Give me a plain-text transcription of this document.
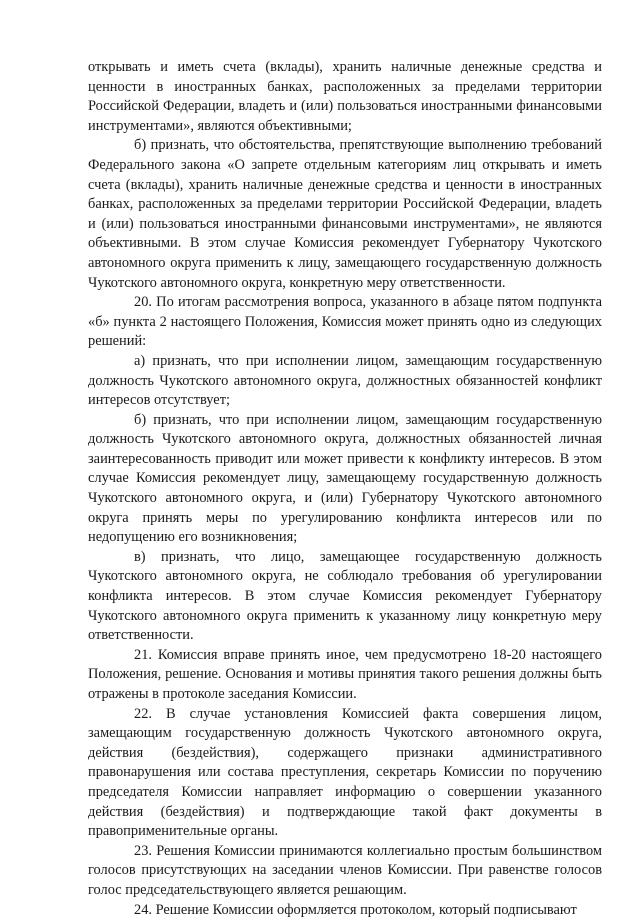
открывать и иметь счета (вклады), хранить наличные денежные средства и ценности в иностранных банках, расположенных за пределами территории Российской Федерации, владеть и (или) пользоваться иностранными финансовыми инструментами», являются объективными;

б) признать, что обстоятельства, препятствующие выполнению требований Федерального закона «О запрете отдельным категориям лиц открывать и иметь счета (вклады), хранить наличные денежные средства и ценности в иностранных банках, расположенных за пределами территории Российской Федерации, владеть и (или) пользоваться иностранными финансовыми инструментами», не являются объективными. В этом случае Комиссия рекомендует Губернатору Чукотского автономного округа применить к лицу, замещающего государственную должность Чукотского автономного округа, конкретную меру ответственности.

20. По итогам рассмотрения вопроса, указанного в абзаце пятом подпункта «б» пункта 2 настоящего Положения, Комиссия может принять одно из следующих решений:

а) признать, что при исполнении лицом, замещающим государственную должность Чукотского автономного округа, должностных обязанностей конфликт интересов отсутствует;

б) признать, что при исполнении лицом, замещающим государственную должность Чукотского автономного округа, должностных обязанностей личная заинтересованность приводит или может привести к конфликту интересов. В этом случае Комиссия рекомендует лицу, замещающему государственную должность Чукотского автономного округа, и (или) Губернатору Чукотского автономного округа принять меры по урегулированию конфликта интересов или по недопущению его возникновения;

в) признать, что лицо, замещающее государственную должность Чукотского автономного округа, не соблюдало требования об урегулировании конфликта интересов. В этом случае Комиссия рекомендует Губернатору Чукотского автономного округа применить к указанному лицу конкретную меру ответственности.

21. Комиссия вправе принять иное, чем предусмотрено 18-20 настоящего Положения, решение. Основания и мотивы принятия такого решения должны быть отражены в протоколе заседания Комиссии.

22. В случае установления Комиссией факта совершения лицом, замещающим государственную должность Чукотского автономного округа, действия (бездействия), содержащего признаки административного правонарушения или состава преступления, секретарь Комиссии по поручению председателя Комиссии направляет информацию о совершении указанного действия (бездействия) и подтверждающие такой факт документы в правоприменительные органы.

23. Решения Комиссии принимаются коллегиально простым большинством голосов присутствующих на заседании членов Комиссии. При равенстве голосов голос председательствующего является решающим.

24. Решение Комиссии оформляется протоколом, который подписывают
